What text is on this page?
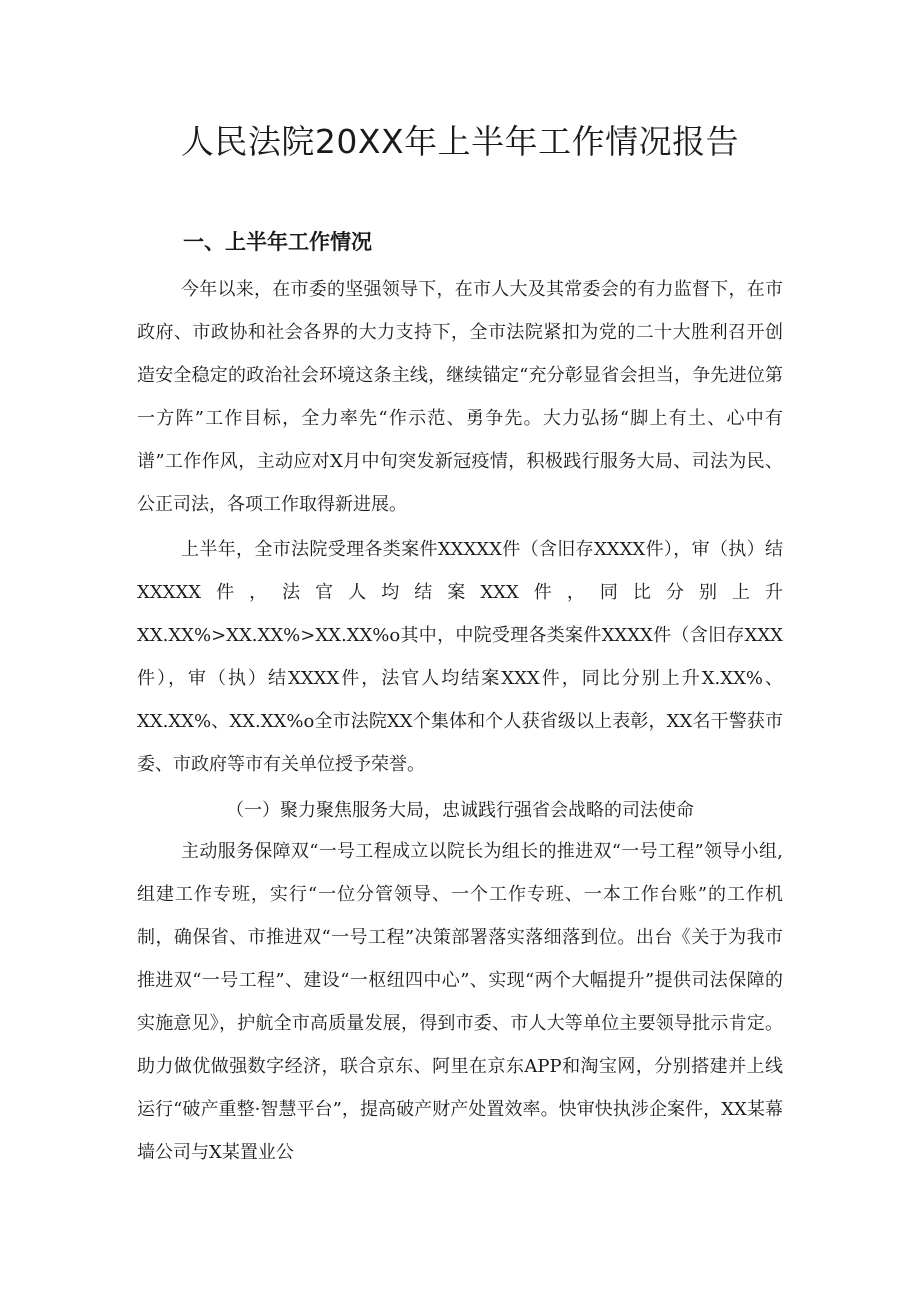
人民法院20XX年上半年工作情况报告
一、上半年工作情况

今年以来，在市委的坚强领导下，在市人大及其常委会的有力监督下，在市政府、市政协和社会各界的大力支持下，全市法院紧扣为党的二十大胜利召开创造安全稳定的政治社会环境这条主线，继续锚定“充分彰显省会担当，争先进位第一方阵”工作目标，全力率先“作示范、勇争先。大力弘扬“脚上有土、心中有谱”工作作风，主动应对X月中旬突发新冠疫情，积极践行服务大局、司法为民、公正司法，各项工作取得新进展。

上半年，全市法院受理各类案件XXXXX件（含旧存XXXX件），审（执）结XXXXX件，法官人均结案XXX件，同比分别上升XX.XX%>XX.XX%>XX.XX%o其中，中院受理各类案件XXXX件（含旧存XXX件），审（执）结XXXX件，法官人均结案XXX件，同比分别上升X.XX%、XX.XX%、XX.XX%o全市法院XX个集体和个人获省级以上表彰，XX名干警获市委、市政府等市有关单位授予荣誉。

（一）聚力聚焦服务大局，忠诚践行强省会战略的司法使命

主动服务保障双“一号工程成立以院长为组长的推进双“一号工程”领导小组,组建工作专班，实行“一位分管领导、一个工作专班、一本工作台账”的工作机制，确保省、市推进双“一号工程”决策部署落实落细落到位。出台《关于为我市推进双“一号工程”、建设“一枢纽四中心”、实现“两个大幅提升”提供司法保障的实施意见》，护航全市高质量发展，得到市委、市人大等单位主要领导批示肯定。助力做优做强数字经济，联合京东、阿里在京东APP和淘宝网，分别搭建并上线运行“破产重整·智慧平台”，提高破产财产处置效率。快审快执涉企案件，XX某幕墙公司与X某置业公
